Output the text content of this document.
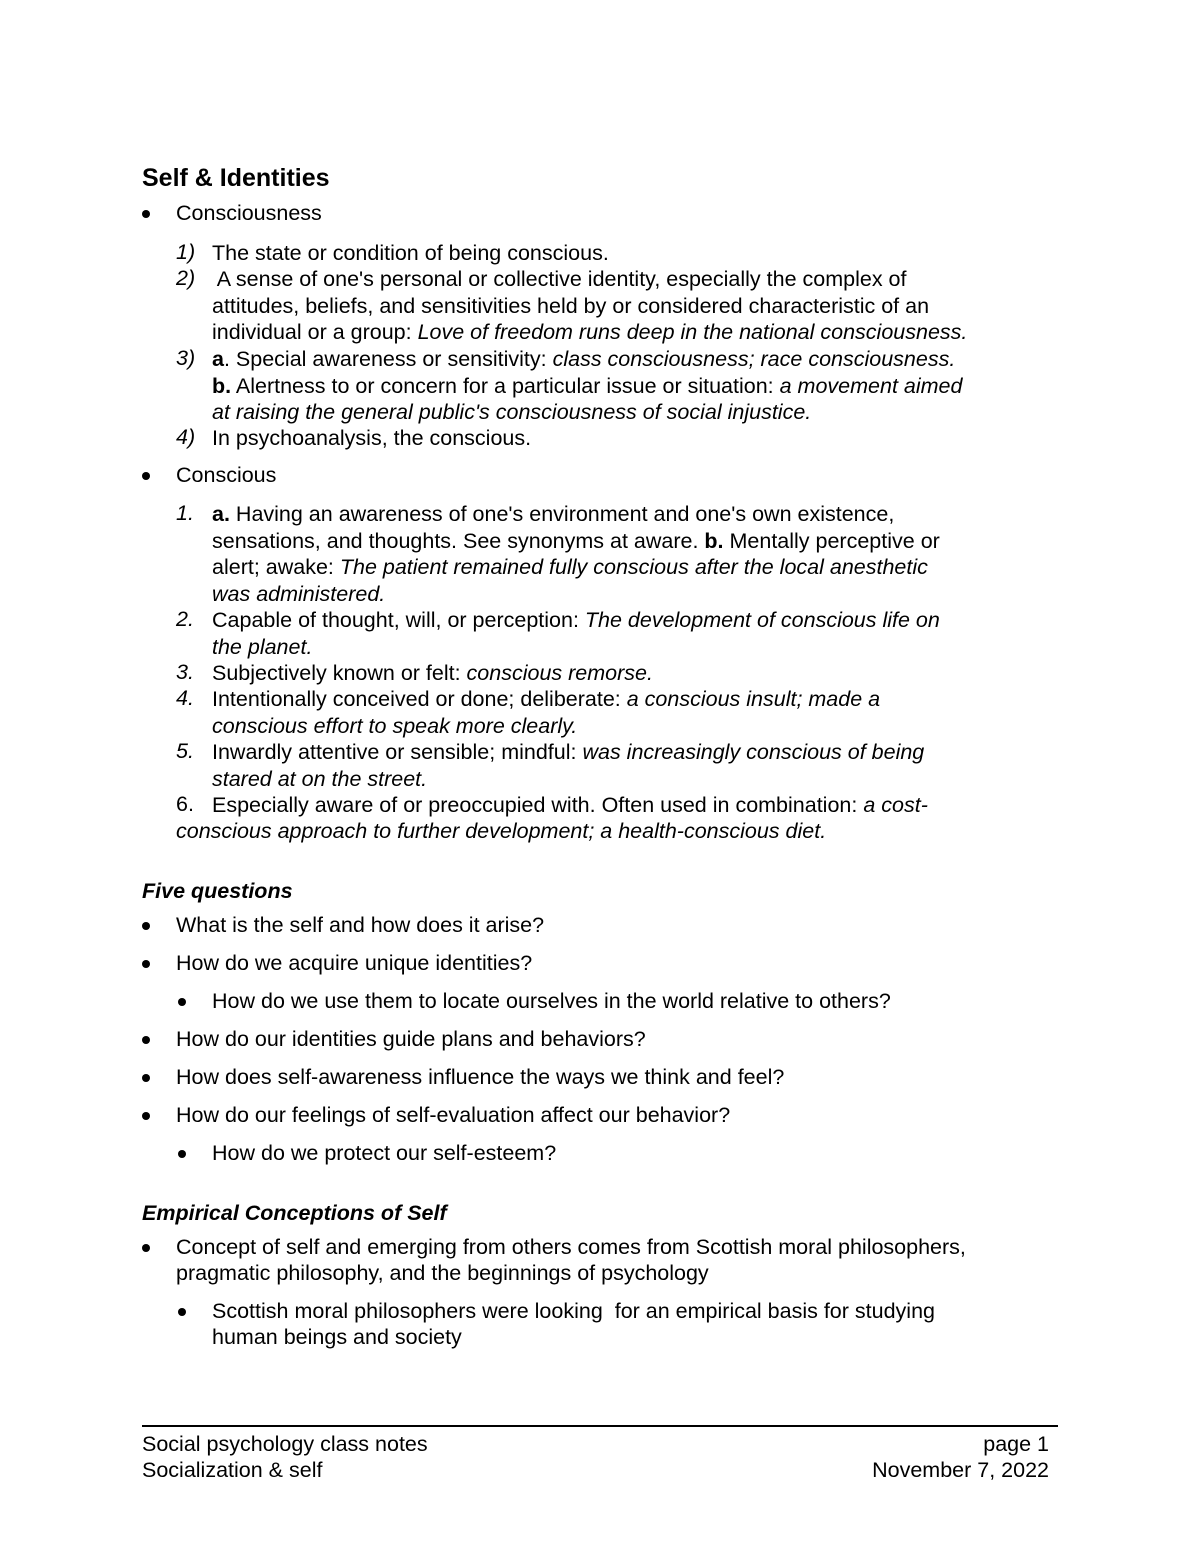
Self & Identities
Consciousness
1) The state or condition of being conscious.

2) A sense of one's personal or collective identity, especially the complex of

attitudes, beliefs, and sensitivities held by or considered characteristic of an

individual or a group: Love of freedom runs deep in the national consciousness.

3) a. Special awareness or sensitivity: class consciousness; race consciousness.

b. Alertness to or concern for a particular issue or situation: a movement aimed

at raising the general public's consciousness of social injustice.

4) In psychoanalysis, the conscious.

Conscious
1. a. Having an awareness of one's environment and one's own existence,

sensations, and thoughts. See synonyms at aware. b. Mentally perceptive or

alert; awake: The patient remained fully conscious after the local anesthetic

was administered.

2. Capable of thought, will, or perception: The development of conscious life on

the planet.

3. Subjectively known or felt: conscious remorse.

4. Intentionally conceived or done; deliberate: a conscious insult; made a

conscious effort to speak more clearly.

5. Inwardly attentive or sensible; mindful: was increasingly conscious of being

stared at on the street.

6. Especially aware of or preoccupied with. Often used in combination: a cost-

conscious approach to further development; a health-conscious diet.

Five questions
What is the self and how does it arise?
How do we acquire unique identities?
How do we use them to locate ourselves in the world relative to others?
How do our identities guide plans and behaviors?
How does self-awareness influence the ways we think and feel?
How do our feelings of self-evaluation affect our behavior?
How do we protect our self-esteem?
Empirical Conceptions of Self
Concept of self and emerging from others comes from Scottish moral philosophers,
pragmatic philosophy, and the beginnings of psychology
Scottish moral philosophers were looking  for an empirical basis for studying
human beings and society
Social psychology class notes
Socialization & self
page 1
November 7, 2022
